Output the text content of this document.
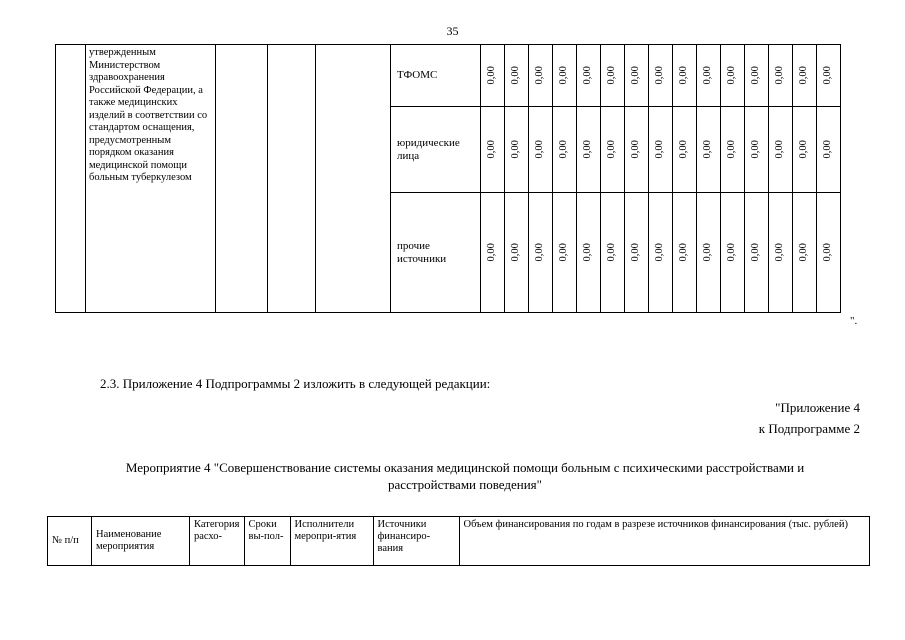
35
	утвержденным Министерством здравоохранения Российской Федерации, а также медицинских изделий в соответствии со стандартом оснащения, предусмотренным порядком оказания медицинской помощи больным туберкулезом				ТФОМС	0,00	0,00	0,00	0,00	0,00	0,00	0,00	0,00	0,00	0,00	0,00	0,00	0,00	0,00	0,00
					юридические лица	0,00	0,00	0,00	0,00	0,00	0,00	0,00	0,00	0,00	0,00	0,00	0,00	0,00	0,00	0,00
					прочие источники	0,00	0,00	0,00	0,00	0,00	0,00	0,00	0,00	0,00	0,00	0,00	0,00	0,00	0,00	0,00
".
2.3. Приложение 4 Подпрограммы 2 изложить в следующей редакции:
"Приложение 4
к Подпрограмме 2
Мероприятие 4 "Совершенствование системы оказания медицинской помощи больным с психическими расстройствами и расстройствами поведения"
№ п/п	Наименование мероприятия	Категория расхо-	Сроки вы-пол-	Исполнители меропри-ятия	Источники финансиро-вания	Объем финансирования по годам в разрезе источников финансирования (тыс. рублей)
